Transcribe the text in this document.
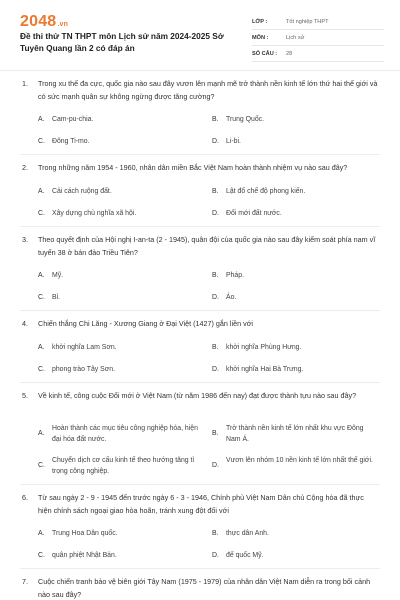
2048.vn
Đề thi thử TN THPT môn Lịch sử năm 2024-2025 Sở Tuyên Quang lần 2 có đáp án
LỚP :	Tốt nghiệp THPT
MÔN :	Lịch sử
SỐ CÂU :	28
1. Trong xu thế đa cực, quốc gia nào sau đây vươn lên mạnh mẽ trở thành nền kinh tế lớn thứ hai thế giới và có sức mạnh quân sự không ngừng được tăng cường?
A.	Cam-pu-chia.	B.	Trung Quốc.
C.	Đông Ti-mo.	D.	Li-bi.
2. Trong những năm 1954 - 1960, nhân dân miền Bắc Việt Nam hoàn thành nhiệm vụ nào sau đây?
A.	Cải cách ruộng đất.	B.	Lật đổ chế độ phong kiến.
C.	Xây dựng chủ nghĩa xã hội.	D.	Đổi mới đất nước.
3. Theo quyết định của Hội nghị I-an-ta (2 - 1945), quân đội của quốc gia nào sau đây kiểm soát phía nam vĩ tuyến 38 ở bán đảo Triều Tiên?
A.	Mỹ.	B.	Pháp.
C.	Bỉ.	D.	Áo.
4. Chiến thắng Chi Lăng - Xương Giang ở Đại Việt (1427) gắn liền với
A.	khởi nghĩa Lam Sơn.	B.	khởi nghĩa Phùng Hưng.
C.	phong trào Tây Sơn.	D.	khởi nghĩa Hai Bà Trưng.
5. Về kinh tế, công cuộc Đổi mới ở Việt Nam (từ năm 1986 đến nay) đạt được thành tựu nào sau đây?
A.
Hoàn thành các mục tiêu công nghiệp hóa, hiện đại hóa đất nước.
B.
Trở thành nền kinh tế lớn nhất khu vực Đông Nam Á.
C.
Chuyển dịch cơ cấu kinh tế theo hướng tăng tỉ trọng công nghiệp.
D.
Vươn lên nhóm 10 nền kinh tế lớn nhất thế giới.
6. Từ sau ngày 2 - 9 - 1945 đến trước ngày 6 - 3 - 1946, Chính phủ Việt Nam Dân chủ Cộng hòa đã thực hiện chính sách ngoại giao hòa hoãn, tránh xung đột đối với
A.	Trung Hoa Dân quốc.	B.	thực dân Anh.
C.	quân phiệt Nhật Bản.	D.	đế quốc Mỹ.
7. Cuộc chiến tranh bảo vệ biên giới Tây Nam (1975 - 1979) của nhân dân Việt Nam diễn ra trong bối cảnh nào sau đây?
